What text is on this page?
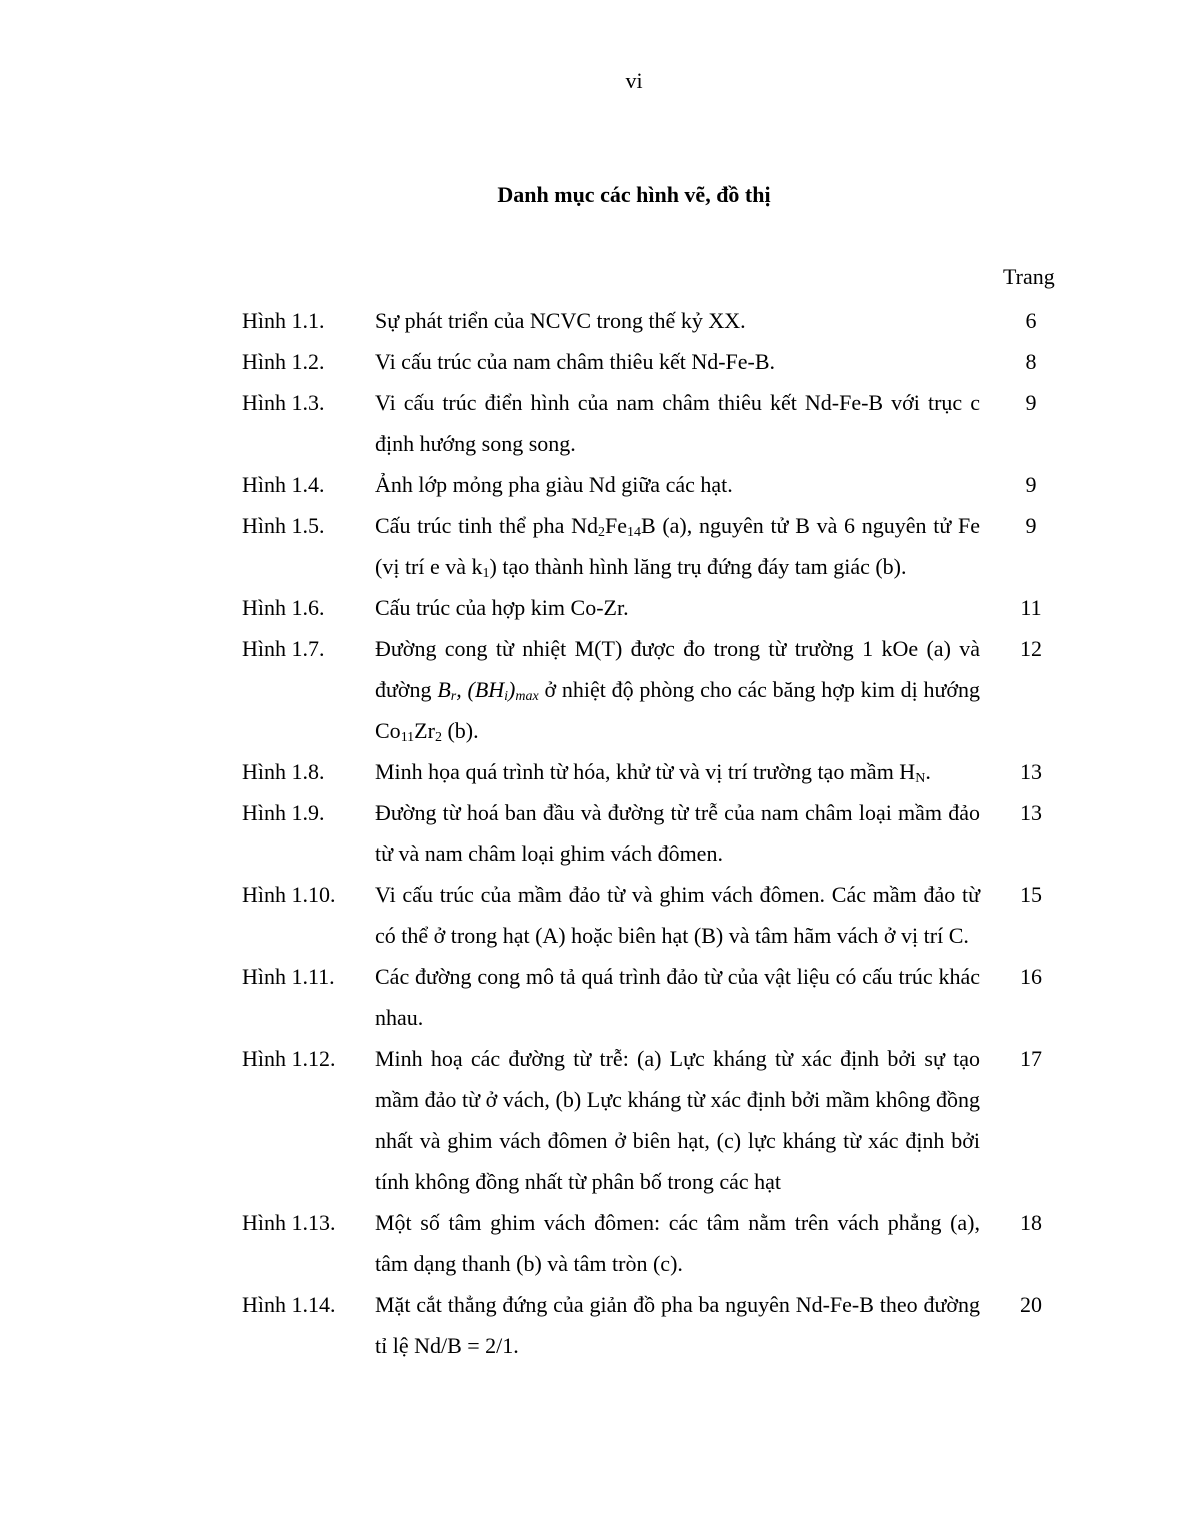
vi
Danh mục các hình vẽ, đồ thị
Trang
Hình 1.1. Sự phát triển của NCVC trong thế kỷ XX.	6
Hình 1.2. Vi cấu trúc của nam châm thiêu kết Nd-Fe-B.	8
Hình 1.3. Vi cấu trúc điển hình của nam châm thiêu kết Nd-Fe-B với trục c định hướng song song.
9
Hình 1.4. Ảnh lớp mỏng pha giàu Nd giữa các hạt.	9
Hình 1.5. Cấu trúc tinh thể pha $Nd_2Fe_{14}B$ (a), nguyên tử B và 6 nguyên tử Fe (vị trí e và $k_1$) tạo thành hình lăng trụ đứng đáy tam giác (b).
9
Hình 1.6. Cấu trúc của hợp kim Co-Zr.	11
Hình 1.7. Đường cong từ nhiệt M(T) được đo trong từ trường 1 kOe (a) và đường $B_r$, $(BH_i)_{max}$ ở nhiệt độ phòng cho các băng hợp kim dị hướng $Co_{11}Zr_2$ (b).
12
Hình 1.8. Minh họa quá trình từ hóa, khử từ và vị trí trường tạo mầm $H_N$.	13
Hình 1.9. Đường từ hoá ban đầu và đường từ trễ của nam châm loại mầm đảo từ và nam châm loại ghim vách đômen.
13
Hình 1.10. Vi cấu trúc của mầm đảo từ và ghim vách đômen. Các mầm đảo từ có thể ở trong hạt (A) hoặc biên hạt (B) và tâm hãm vách ở vị trí C.
15
Hình 1.11. Các đường cong mô tả quá trình đảo từ của vật liệu có cấu trúc khác nhau.
16
Hình 1.12. Minh hoạ các đường từ trễ: (a) Lực kháng từ xác định bởi sự tạo mầm đảo từ ở vách, (b) Lực kháng từ xác định bởi mầm không đồng nhất và ghim vách đômen ở biên hạt, (c) lực kháng từ xác định bởi tính không đồng nhất từ phân bố trong các hạt
17
Hình 1.13. Một số tâm ghim vách đômen: các tâm nằm trên vách phẳng (a), tâm dạng thanh (b) và tâm tròn (c).
18
Hình 1.14. Mặt cắt thẳng đứng của giản đồ pha ba nguyên Nd-Fe-B theo đường tỉ lệ Nd/B = 2/1.
20
